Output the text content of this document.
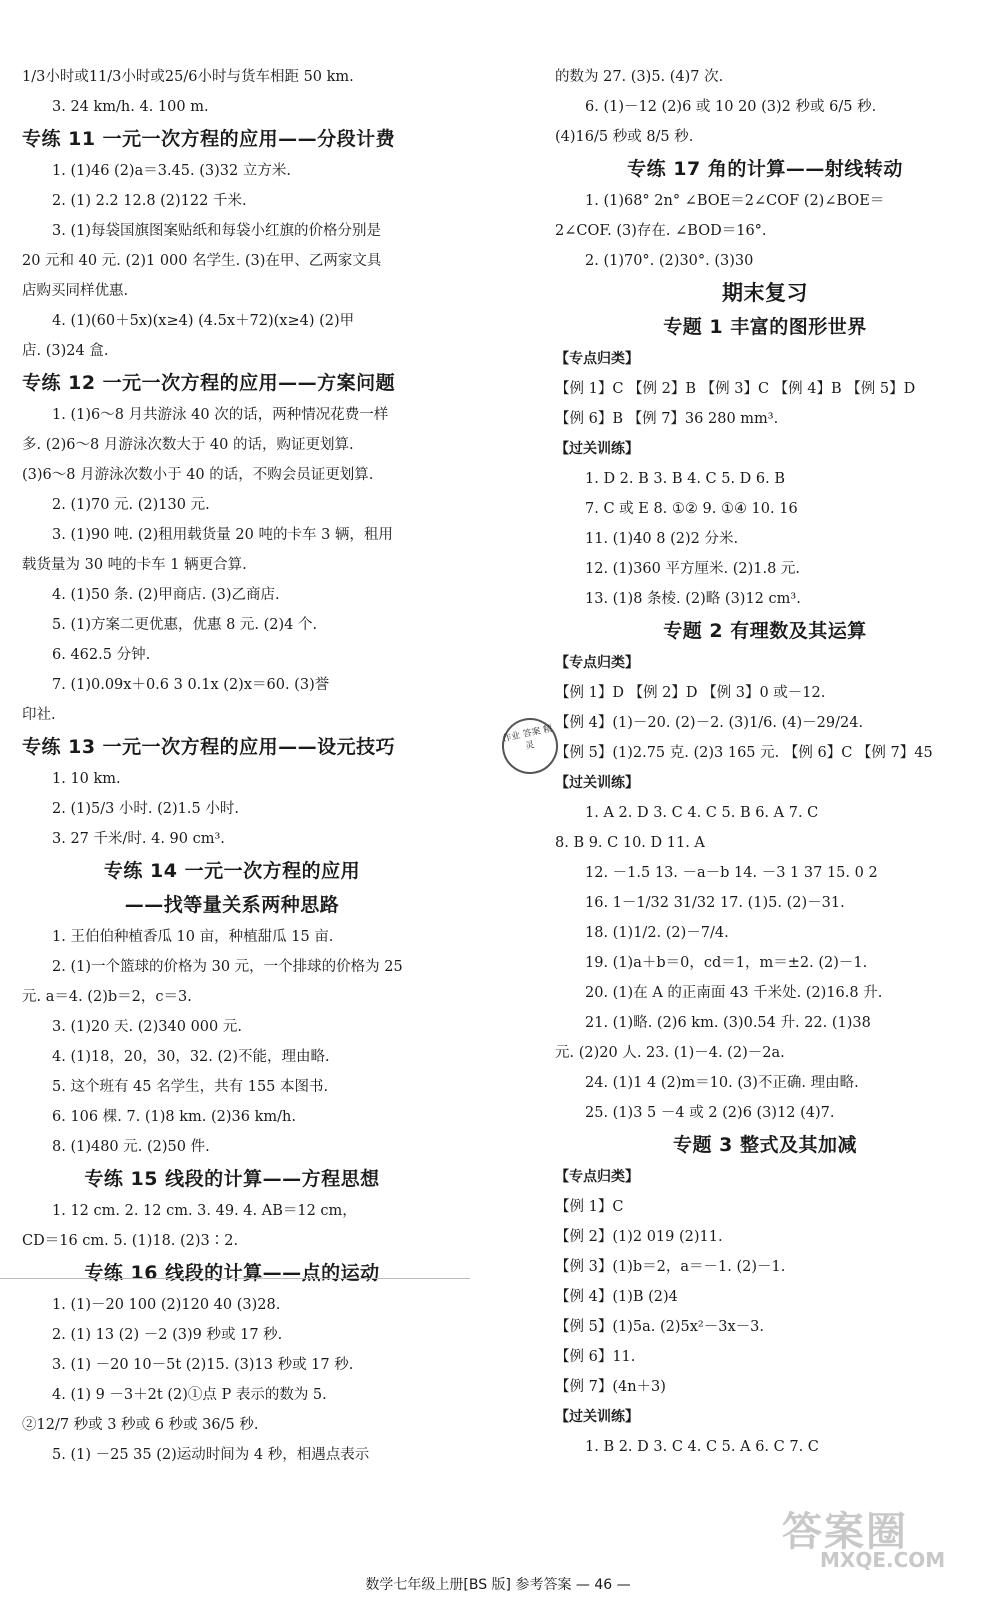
1/3小时或11/3小时或25/6小时与货车相距 50 km.
3. 24 km/h. 4. 100 m.
专练 11 一元一次方程的应用——分段计费
1. (1)46 (2)a＝3.45. (3)32 立方米.
2. (1) 2.2 12.8 (2)122 千米.
3. (1)每袋国旗图案贴纸和每袋小红旗的价格分别是
20 元和 40 元. (2)1 000 名学生. (3)在甲、乙两家文具
店购买同样优惠.
4. (1)(60＋5x)(x≥4) (4.5x＋72)(x≥4) (2)甲
店. (3)24 盒.
专练 12 一元一次方程的应用——方案问题
1. (1)6～8 月共游泳 40 次的话，两种情况花费一样
多. (2)6～8 月游泳次数大于 40 的话，购证更划算.
(3)6～8 月游泳次数小于 40 的话，不购会员证更划算.
2. (1)70 元. (2)130 元.
3. (1)90 吨. (2)租用载货量 20 吨的卡车 3 辆，租用
载货量为 30 吨的卡车 1 辆更合算.
4. (1)50 条. (2)甲商店. (3)乙商店.
5. (1)方案二更优惠，优惠 8 元. (2)4 个.
6. 462.5 分钟.
7. (1)0.09x＋0.6 3 0.1x (2)x＝60. (3)誉
印社.
专练 13 一元一次方程的应用——设元技巧
1. 10 km.
2. (1)5/3 小时. (2)1.5 小时.
3. 27 千米/时. 4. 90 cm³.
专练 14 一元一次方程的应用
——找等量关系两种思路
1. 王伯伯种植香瓜 10 亩，种植甜瓜 15 亩.
2. (1)一个篮球的价格为 30 元，一个排球的价格为 25
元. a＝4. (2)b＝2，c＝3.
3. (1)20 天. (2)340 000 元.
4. (1)18，20，30，32. (2)不能，理由略.
5. 这个班有 45 名学生，共有 155 本图书.
6. 106 棵. 7. (1)8 km. (2)36 km/h.
8. (1)480 元. (2)50 件.
专练 15 线段的计算——方程思想
1. 12 cm. 2. 12 cm. 3. 49. 4. AB＝12 cm，
CD＝16 cm. 5. (1)18. (2)3∶2.
专练 16 线段的计算——点的运动
1. (1)－20 100 (2)120 40 (3)28.
2. (1) 13 (2) －2 (3)9 秒或 17 秒.
3. (1) －20 10－5t (2)15. (3)13 秒或 17 秒.
4. (1) 9 －3＋2t (2)①点 P 表示的数为 5.
②12/7 秒或 3 秒或 6 秒或 36/5 秒.
5. (1) －25 35 (2)运动时间为 4 秒，相遇点表示
的数为 27. (3)5. (4)7 次.
6. (1)－12 (2)6 或 10 20 (3)2 秒或 6/5 秒.
(4)16/5 秒或 8/5 秒.
专练 17 角的计算——射线转动
1. (1)68° 2n° ∠BOE＝2∠COF (2)∠BOE＝
2∠COF. (3)存在. ∠BOD＝16°.
2. (1)70°. (2)30°. (3)30
期末复习
专题 1 丰富的图形世界
【专点归类】
【例 1】C 【例 2】B 【例 3】C 【例 4】B 【例 5】D
【例 6】B 【例 7】36 280 mm³.
【过关训练】
1. D 2. B 3. B 4. C 5. D 6. B
7. C 或 E 8. ①② 9. ①④ 10. 16
11. (1)40 8 (2)2 分米.
12. (1)360 平方厘米. (2)1.8 元.
13. (1)8 条棱. (2)略 (3)12 cm³.
专题 2 有理数及其运算
【专点归类】
【例 1】D 【例 2】D 【例 3】0 或－12.
【例 4】(1)－20. (2)－2. (3)1/6. (4)－29/24.
【例 5】(1)2.75 克. (2)3 165 元. 【例 6】C 【例 7】45
【过关训练】
1. A 2. D 3. C 4. C 5. B 6. A 7. C
8. B 9. C 10. D 11. A
12. －1.5 13. －a－b 14. －3 1 37 15. 0 2
16. 1－1/32 31/32 17. (1)5. (2)－31.
18. (1)1/2. (2)－7/4.
19. (1)a＋b＝0，cd＝1，m＝±2. (2)－1.
20. (1)在 A 的正南面 43 千米处. (2)16.8 升.
21. (1)略. (2)6 km. (3)0.54 升. 22. (1)38
元. (2)20 人. 23. (1)－4. (2)－2a.
24. (1)1 4 (2)m＝10. (3)不正确. 理由略.
25. (1)3 5 －4 或 2 (2)6 (3)12 (4)7.
专题 3 整式及其加减
【专点归类】
【例 1】C
【例 2】(1)2 019 (2)11.
【例 3】(1)b＝2，a＝－1. (2)－1.
【例 4】(1)B (2)4
【例 5】(1)5a. (2)5x²－3x－3.
【例 6】11.
【例 7】(4n＋3)
【过关训练】
1. B 2. D 3. C 4. C 5. A 6. C 7. C
作业 答案 精灵
答案圈
MXQE.COM
数学七年级上册[BS 版] 参考答案 — 46 —
